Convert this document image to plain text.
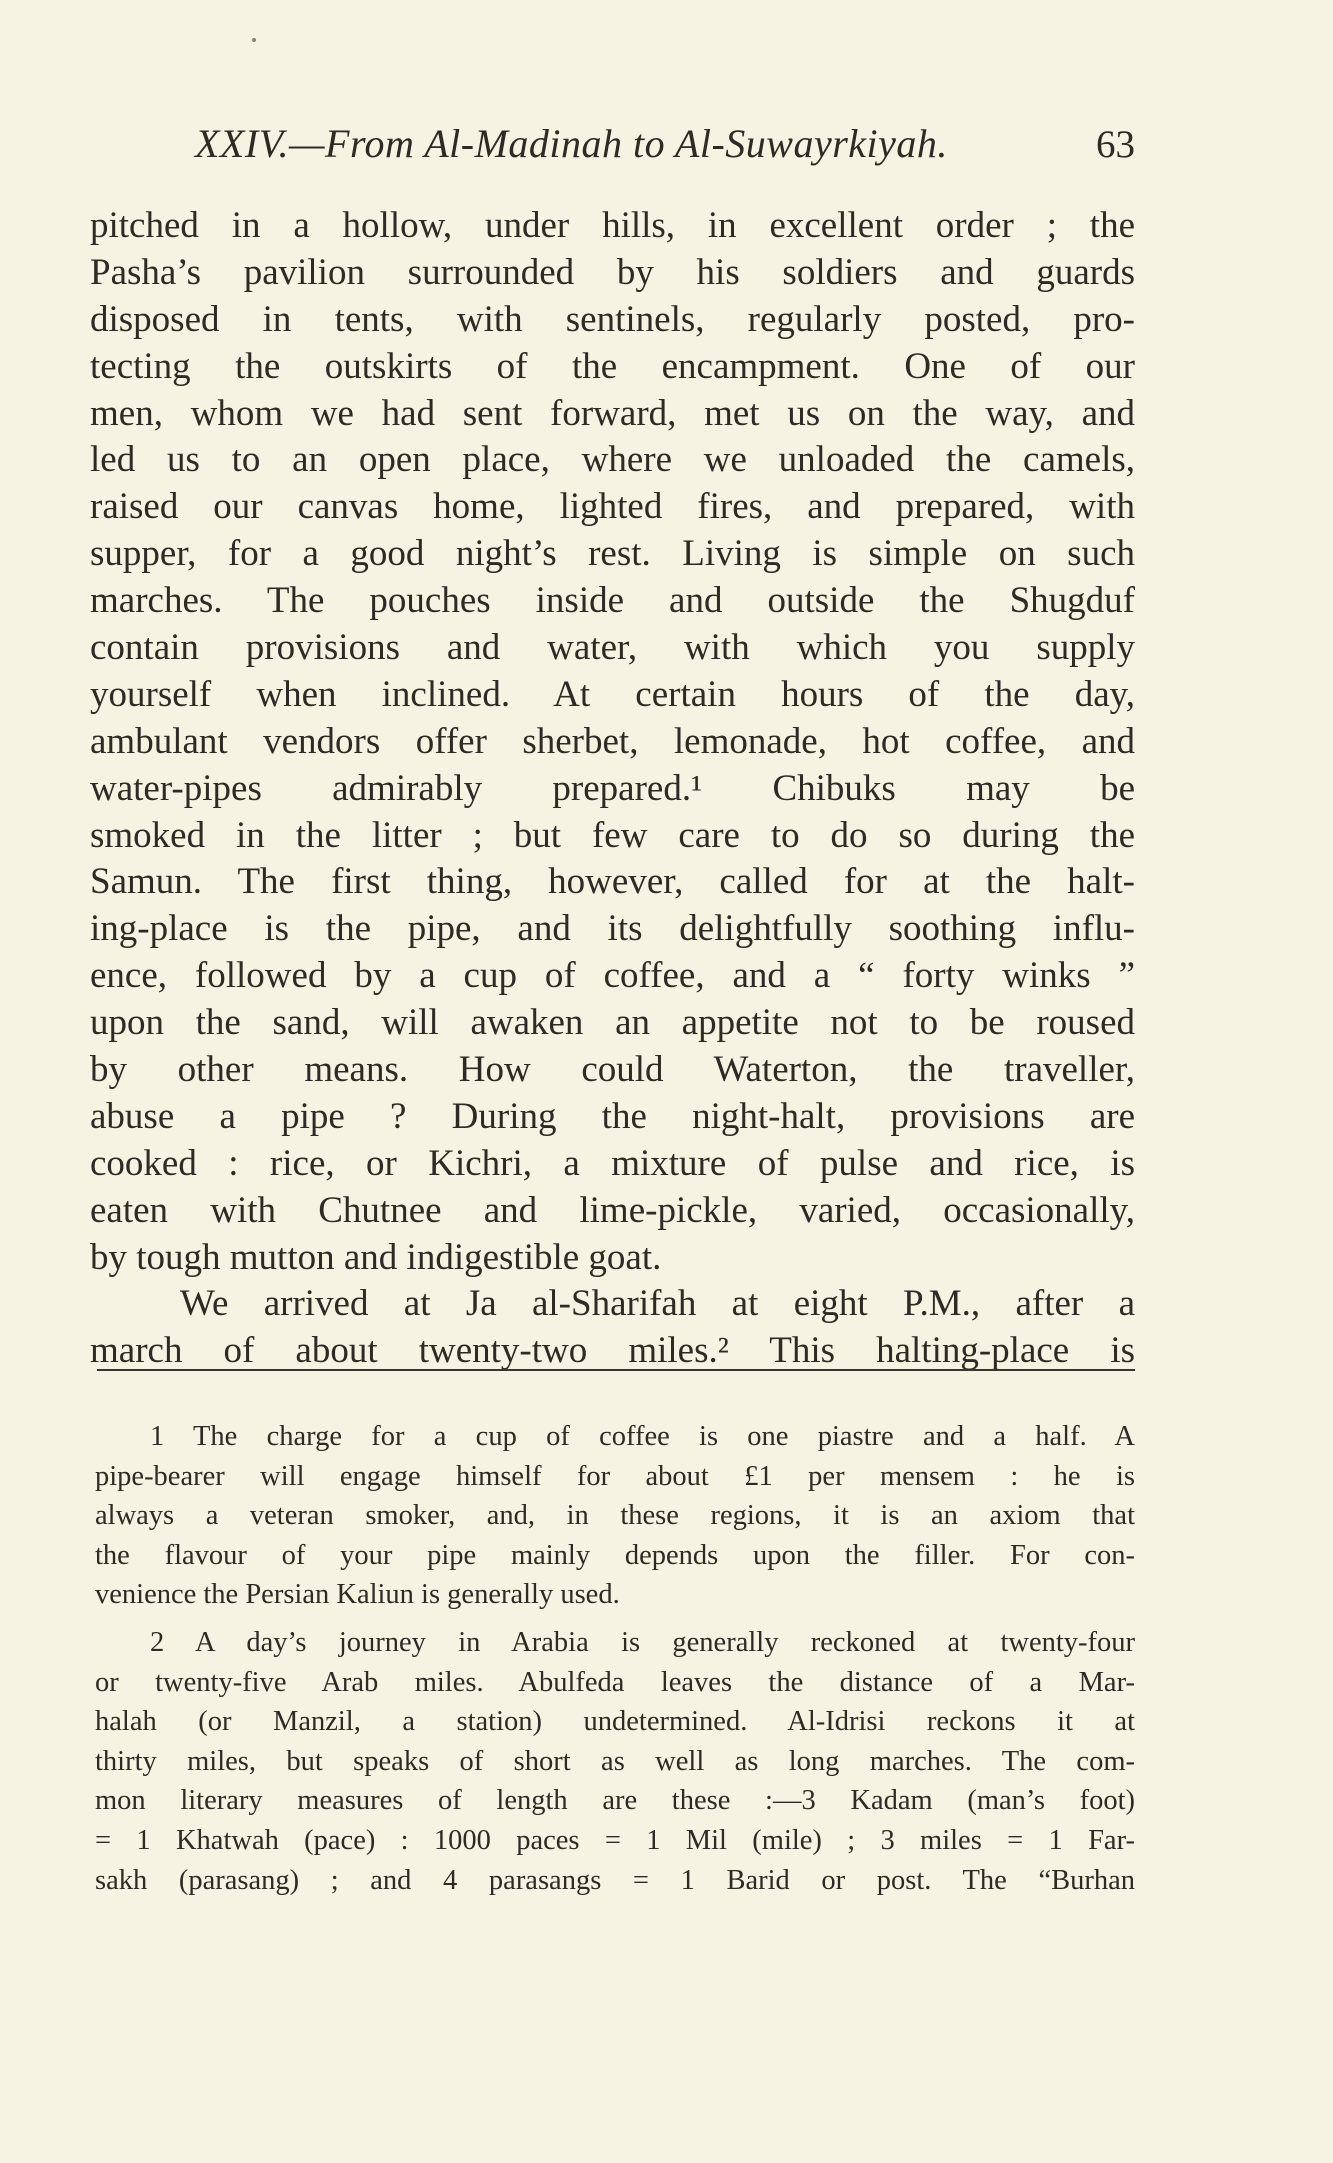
XXIV.—From Al-Madinah to Al-Suwayrkiyah.	63
pitched in a hollow, under hills, in excellent order ; the
Pasha’s pavilion surrounded by his soldiers and guards
disposed in tents, with sentinels, regularly posted, pro-
tecting the outskirts of the encampment. One of our
men, whom we had sent forward, met us on the way, and
led us to an open place, where we unloaded the camels,
raised our canvas home, lighted fires, and prepared, with
supper, for a good night’s rest. Living is simple on such
marches. The pouches inside and outside the Shugduf
contain provisions and water, with which you supply
yourself when inclined. At certain hours of the day,
ambulant vendors offer sherbet, lemonade, hot coffee, and
water-pipes admirably prepared.¹ Chibuks may be
smoked in the litter ; but few care to do so during the
Samun. The first thing, however, called for at the halt-
ing-place is the pipe, and its delightfully soothing influ-
ence, followed by a cup of coffee, and a “ forty winks ”
upon the sand, will awaken an appetite not to be roused
by other means. How could Waterton, the traveller,
abuse a pipe ? During the night-halt, provisions are
cooked : rice, or Kichri, a mixture of pulse and rice, is
eaten with Chutnee and lime-pickle, varied, occasionally,
by tough mutton and indigestible goat.
We arrived at Ja al-Sharifah at eight P.M., after a
march of about twenty-two miles.² This halting-place is
1 The charge for a cup of coffee is one piastre and a half. A
pipe-bearer will engage himself for about £1 per mensem : he is
always a veteran smoker, and, in these regions, it is an axiom that
the flavour of your pipe mainly depends upon the filler. For con-
venience the Persian Kaliun is generally used.
2 A day’s journey in Arabia is generally reckoned at twenty-four
or twenty-five Arab miles. Abulfeda leaves the distance of a Mar-
halah (or Manzil, a station) undetermined. Al-Idrisi reckons it at
thirty miles, but speaks of short as well as long marches. The com-
mon literary measures of length are these :—3 Kadam (man’s foot)
= 1 Khatwah (pace) : 1000 paces = 1 Mil (mile) ; 3 miles = 1 Far-
sakh (parasang) ; and 4 parasangs = 1 Barid or post. The “Burhan
